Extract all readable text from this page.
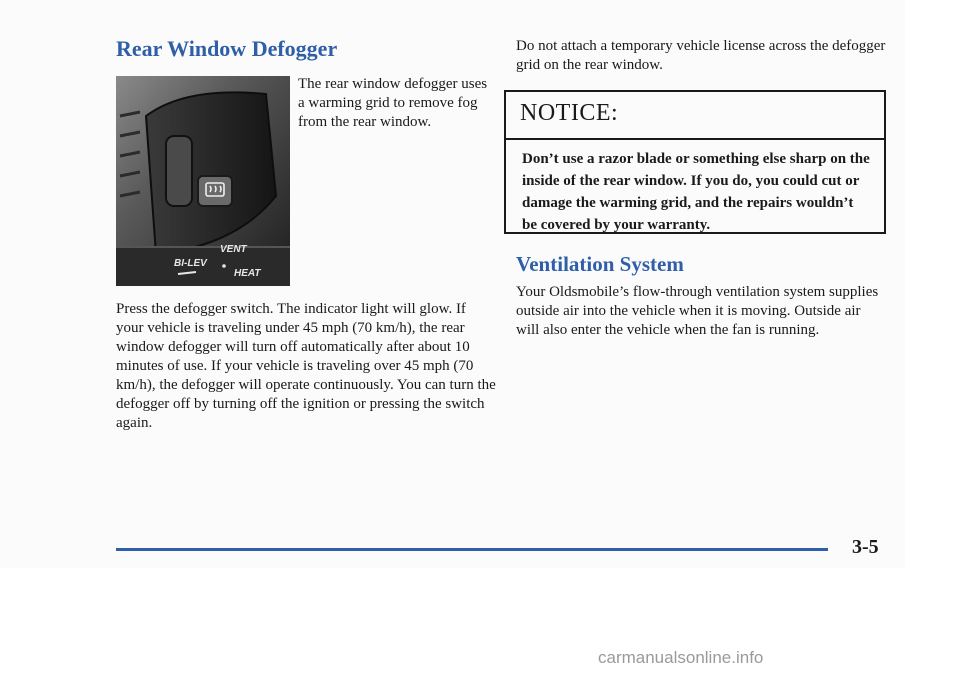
Rear Window Defogger
BI-LEV
VENT
HEAT

The rear window defogger uses a warming grid to remove fog from the rear window.

Press the defogger switch. The indicator light will glow. If your vehicle is traveling under 45 mph (70 km/h), the rear window defogger will turn off automatically after about 10 minutes of use. If your vehicle is traveling over 45 mph (70 km/h), the defogger will operate continuously. You can turn the defogger off by turning off the ignition or pressing the switch again.

Do not attach a temporary vehicle license across the defogger grid on the rear window.

NOTICE:

Don’t use a razor blade or something else sharp on the inside of the rear window. If you do, you could cut or damage the warming grid, and the repairs wouldn’t be covered by your warranty.

Ventilation System

Your Oldsmobile’s flow-through ventilation system supplies outside air into the vehicle when it is moving. Outside air will also enter the vehicle when the fan is running.

3-5

carmanualsonline.info
